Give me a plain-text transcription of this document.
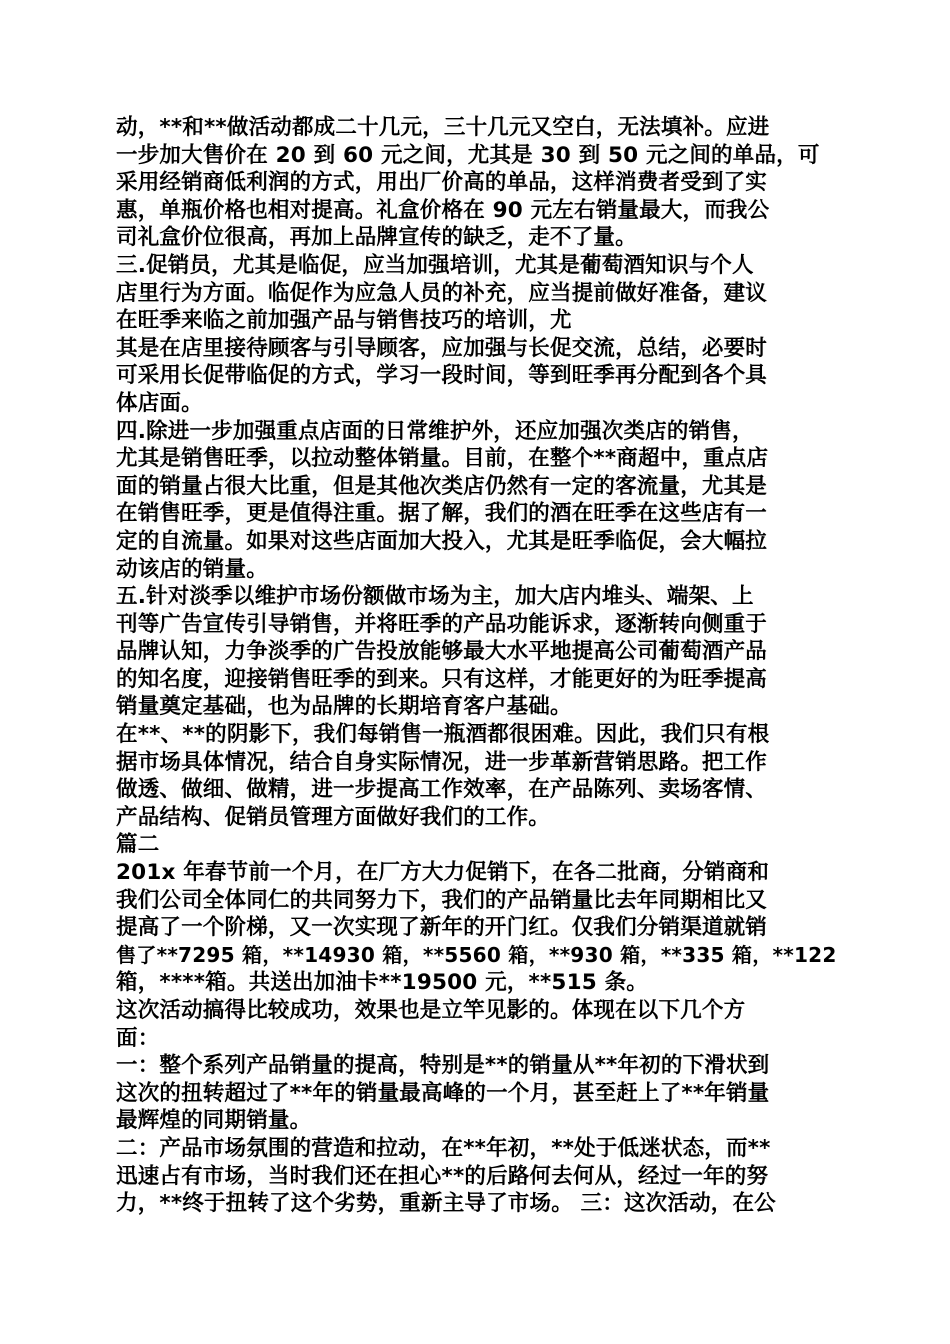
动，**和**做活动都成二十几元，三十几元又空白，无法填补。应进
一步加大售价在 20 到 60 元之间，尤其是 30 到 50 元之间的单品，可
采用经销商低利润的方式，用出厂价高的单品，这样消费者受到了实
惠，单瓶价格也相对提高。礼盒价格在 90 元左右销量最大，而我公
司礼盒价位很高，再加上品牌宣传的缺乏，走不了量。
三.促销员，尤其是临促，应当加强培训，尤其是葡萄酒知识与个人
店里行为方面。临促作为应急人员的补充，应当提前做好准备，建议
在旺季来临之前加强产品与销售技巧的培训，尤
其是在店里接待顾客与引导顾客，应加强与长促交流，总结，必要时
可采用长促带临促的方式，学习一段时间，等到旺季再分配到各个具
体店面。
四.除进一步加强重点店面的日常维护外，还应加强次类店的销售，
尤其是销售旺季，以拉动整体销量。目前，在整个**商超中，重点店
面的销量占很大比重，但是其他次类店仍然有一定的客流量，尤其是
在销售旺季，更是值得注重。据了解，我们的酒在旺季在这些店有一
定的自流量。如果对这些店面加大投入，尤其是旺季临促，会大幅拉
动该店的销量。
五.针对淡季以维护市场份额做市场为主，加大店内堆头、端架、上
刊等广告宣传引导销售，并将旺季的产品功能诉求，逐渐转向侧重于
品牌认知，力争淡季的广告投放能够最大水平地提高公司葡萄酒产品
的知名度，迎接销售旺季的到来。只有这样，才能更好的为旺季提高
销量奠定基础，也为品牌的长期培育客户基础。
在**、**的阴影下，我们每销售一瓶酒都很困难。因此，我们只有根
据市场具体情况，结合自身实际情况，进一步革新营销思路。把工作
做透、做细、做精，进一步提高工作效率，在产品陈列、卖场客情、
产品结构、促销员管理方面做好我们的工作。
篇二
201x 年春节前一个月，在厂方大力促销下，在各二批商，分销商和
我们公司全体同仁的共同努力下，我们的产品销量比去年同期相比又
提高了一个阶梯，又一次实现了新年的开门红。仅我们分销渠道就销
售了**7295 箱，**14930 箱，**5560 箱，**930 箱，**335 箱，**122
箱，****箱。共送出加油卡**19500 元，**515 条。
这次活动搞得比较成功，效果也是立竿见影的。体现在以下几个方
面：
一：整个系列产品销量的提高，特别是**的销量从**年初的下滑状到
这次的扭转超过了**年的销量最高峰的一个月，甚至赶上了**年销量
最辉煌的同期销量。
二：产品市场氛围的营造和拉动，在**年初，**处于低迷状态，而**
迅速占有市场，当时我们还在担心**的后路何去何从，经过一年的努
力，**终于扭转了这个劣势，重新主导了市场。 三：这次活动，在公
